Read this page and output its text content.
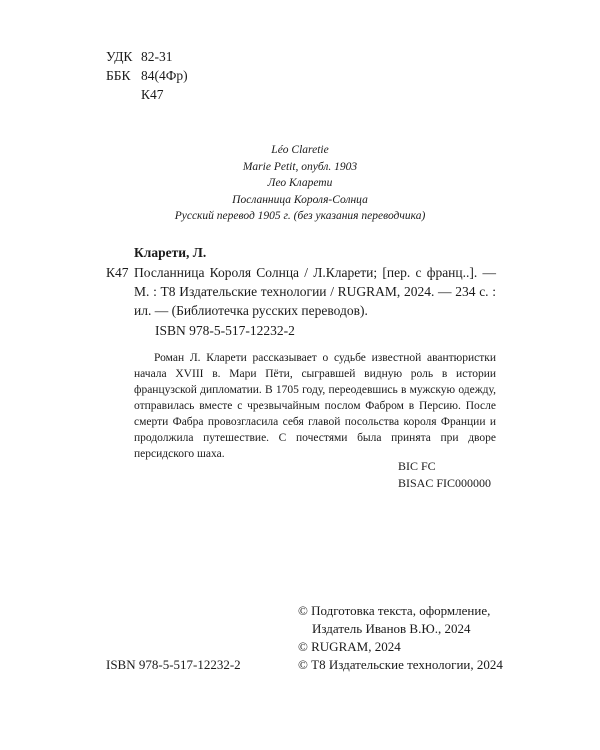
УДК 82-31
ББК 84(4Фр)
К47
Léo Claretie
Marie Petit, опубл. 1903
Лео Кларети
Посланница Короля-Солнца
Русский перевод 1905 г. (без указания переводчика)
Кларети, Л.
К47 Посланница Короля Солнца / Л.Кларети; [пер. с франц..]. —М. : Т8 Издательские технологии / RUGRAM, 2024. — 234 с. : ил. — (Библиотечка русских переводов).
ISBN 978-5-517-12232-2
Роман Л. Кларети рассказывает о судьбе известной авантюристки начала XVIII в. Мари Пёти, сыгравшей видную роль в истории французской дипломатии. В 1705 году, переодевшись в мужскую одежду, отправилась вместе с чрезвычайным послом Фабром в Персию. После смерти Фабра провозгласила себя главой посольства короля Франции и продолжила путешествие. С почестями была принята при дворе персидского шаха.
BIC FC
BISAC FIC000000
© Подготовка текста, оформление,
Издатель Иванов В.Ю., 2024
© RUGRAM, 2024
© Т8 Издательские технологии, 2024
ISBN 978-5-517-12232-2
